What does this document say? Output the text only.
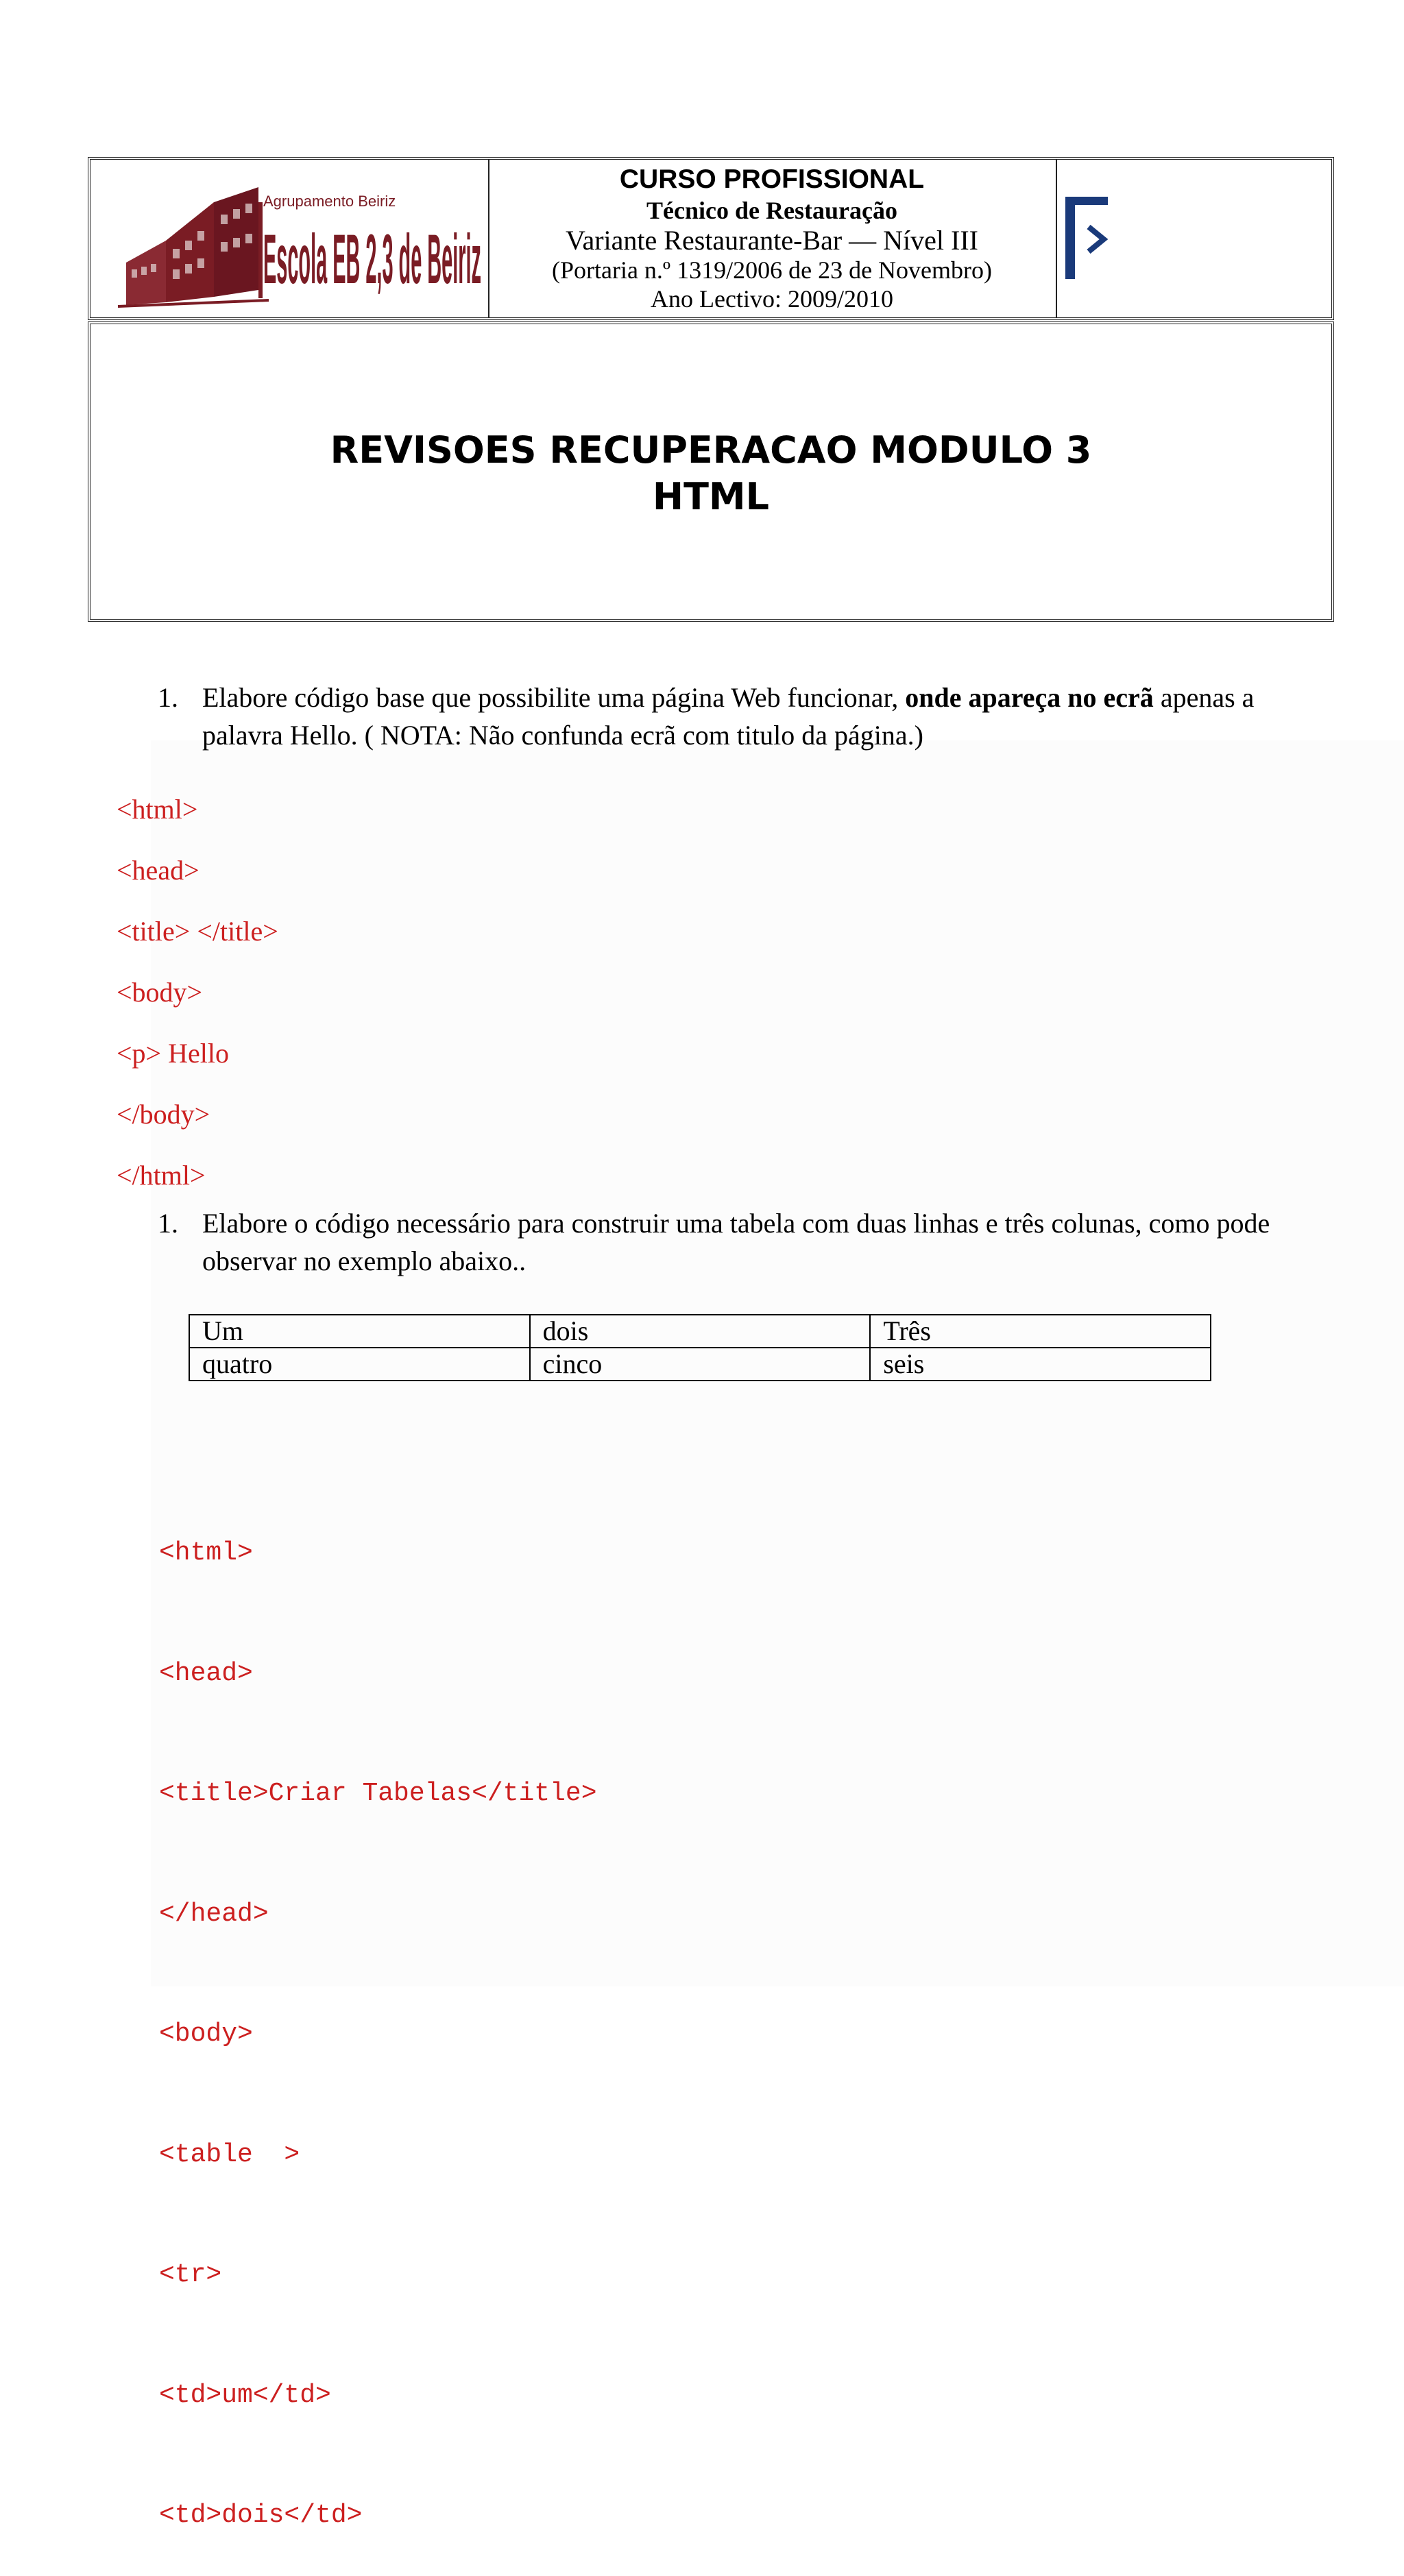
Agrupamento Beiriz
Escola EB 2,3 de Beiriz
CURSO PROFISSIONAL
Técnico de Restauração
Variante Restaurante-Bar — Nível III
(Portaria n.º 1319/2006 de 23 de Novembro)
Ano Lectivo: 2009/2010
REVISOES RECUPERACAO MODULO 3
HTML
1. Elabore código base que possibilite uma página Web funcionar, onde apareça no ecrã apenas a
palavra Hello. ( NOTA: Não confunda ecrã com titulo da página.)
<html>
<head>
<title> </title>
<body>
<p> Hello
</body>
</html>
1. Elabore o código necessário para construir uma tabela com duas linhas e três colunas, como pode
observar no exemplo abaixo..
Um	dois	Três
quatro	cinco	seis

<html>

<head>

<title>Criar Tabelas</title>

</head>

<body>

<table  >

<tr>

<td>um</td>

<td>dois</td>
